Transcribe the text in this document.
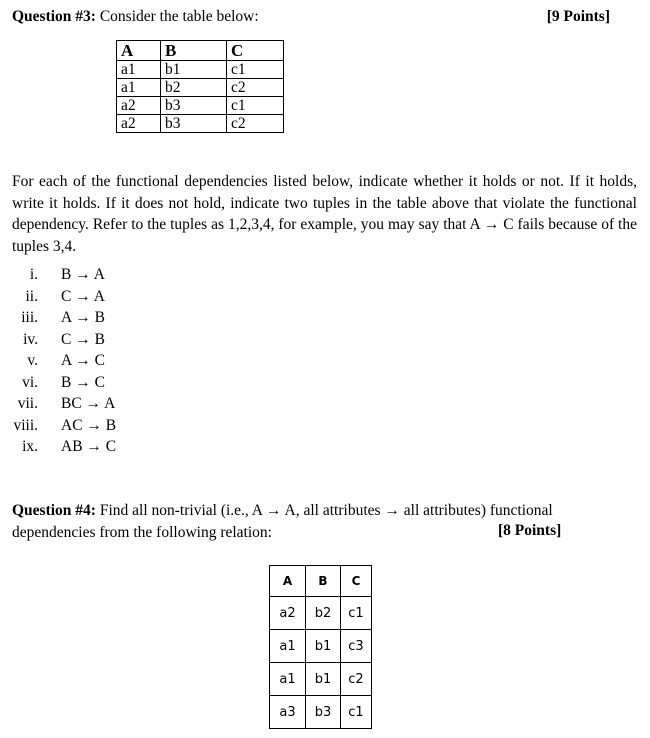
Question #3: Consider the table below:	[9 Points]
A	B	C
a1	b1	c1
a1	b2	c2
a2	b3	c1
a2	b3	c2
For each of the functional dependencies listed below, indicate whether it holds or not. If it holds, write it holds. If it does not hold, indicate two tuples in the table above that violate the functional dependency. Refer to the tuples as 1,2,3,4, for example, you may say that A → C fails because of the tuples 3,4.
i. B → A
ii. C → A
iii. A → B
iv. C → B
v. A → C
vi. B → C
vii. BC → A
viii. AC → B
ix. AB → C
Question #4: Find all non-trivial (i.e., A → A, all attributes → all attributes) functional dependencies from the following relation:	[8 Points]
A	B	C
a2	b2	c1
a1	b1	c3
a1	b1	c2
a3	b3	c1
